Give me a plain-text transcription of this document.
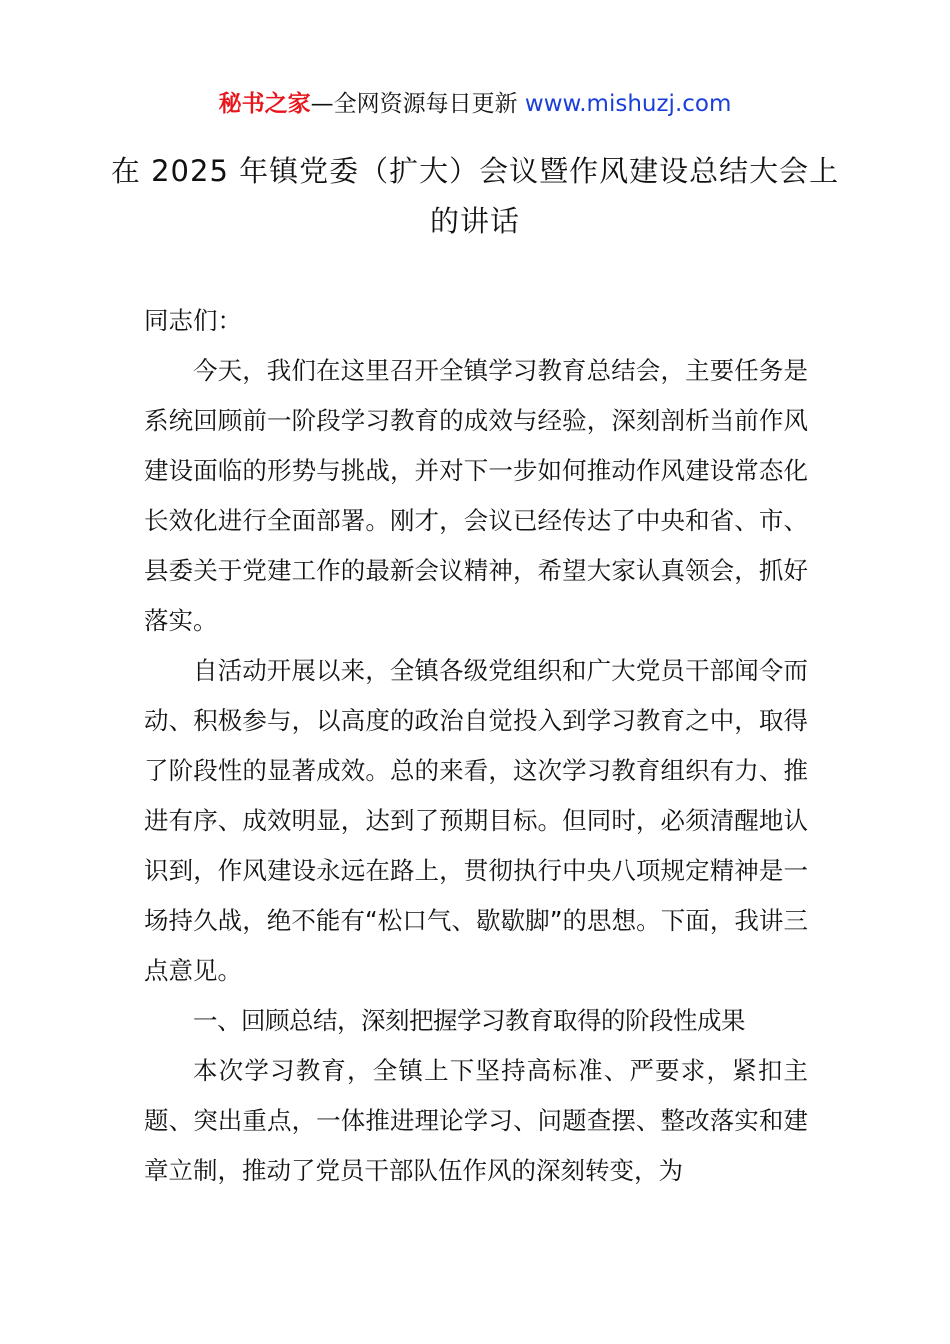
秘书之家—全网资源每日更新 www.mishuzj.com
在 2025 年镇党委（扩大）会议暨作风建设总结大会上的讲话

同志们：

今天，我们在这里召开全镇学习教育总结会，主要任务是系统回顾前一阶段学习教育的成效与经验，深刻剖析当前作风建设面临的形势与挑战，并对下一步如何推动作风建设常态化长效化进行全面部署。刚才，会议已经传达了中央和省、市、县委关于党建工作的最新会议精神，希望大家认真领会，抓好落实。

自活动开展以来，全镇各级党组织和广大党员干部闻令而动、积极参与，以高度的政治自觉投入到学习教育之中，取得了阶段性的显著成效。总的来看，这次学习教育组织有力、推进有序、成效明显，达到了预期目标。但同时，必须清醒地认识到，作风建设永远在路上，贯彻执行中央八项规定精神是一场持久战，绝不能有“松口气、歇歇脚”的思想。下面，我讲三点意见。

一、回顾总结，深刻把握学习教育取得的阶段性成果

本次学习教育，全镇上下坚持高标准、严要求，紧扣主题、突出重点，一体推进理论学习、问题查摆、整改落实和建章立制，推动了党员干部队伍作风的深刻转变，为
